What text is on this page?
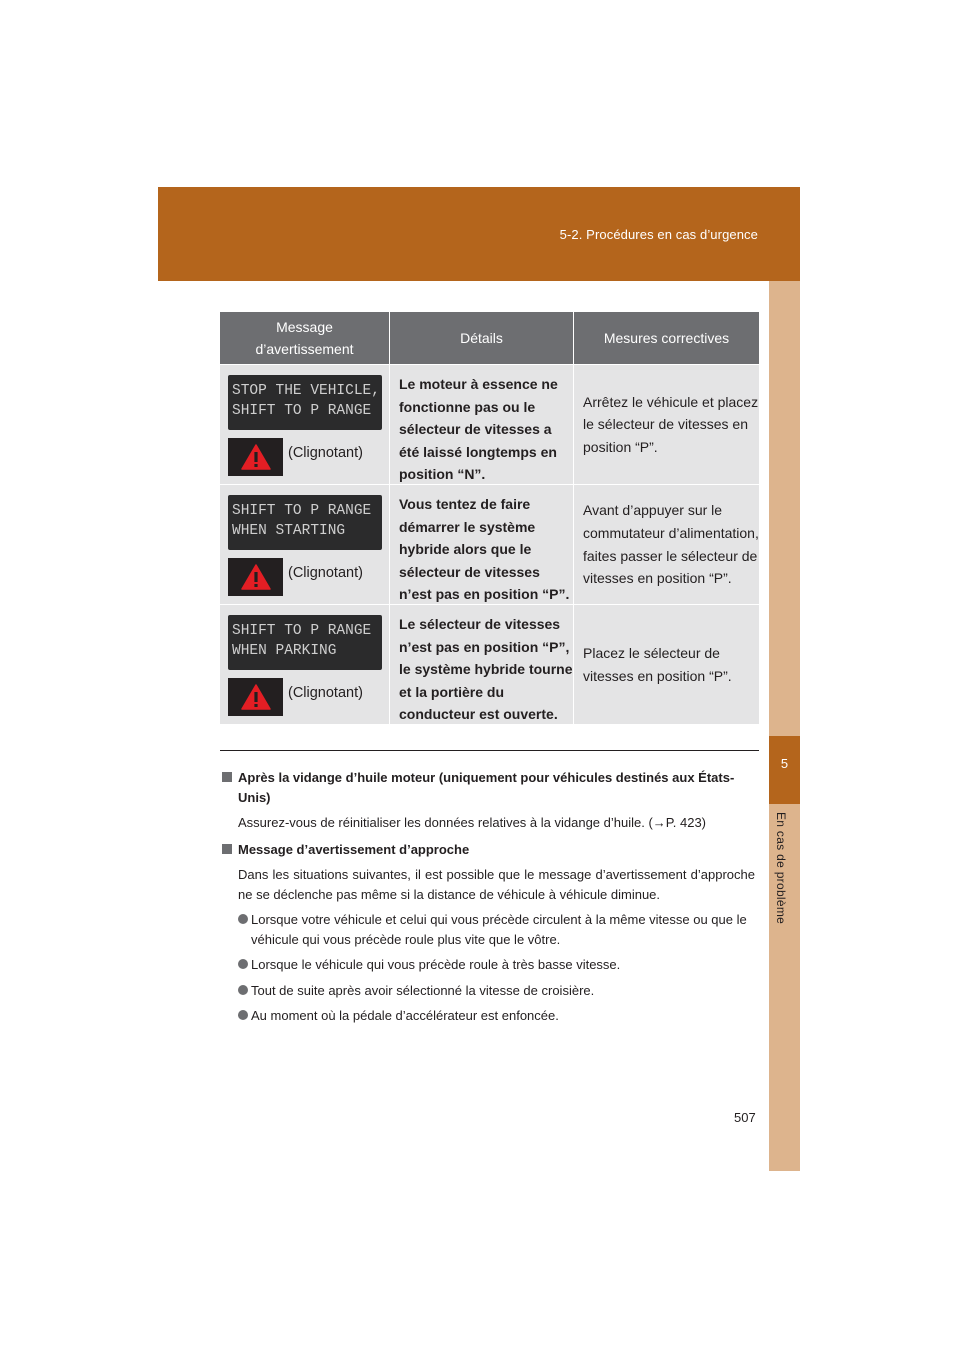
5-2. Procédures en cas d’urgence
5
En cas de problème
Message d’avertissement
Détails	Mesures correctives
STOP THE VEHICLE,
SHIFT TO P RANGE
(Clignotant)
Le moteur à essence ne fonctionne pas ou le sélecteur de vitesses a été laissé longtemps en position “N”.
Arrêtez le véhicule et placez le sélecteur de vitesses en position “P”.
SHIFT TO P RANGE
WHEN STARTING
(Clignotant)
Vous tentez de faire démarrer le système hybride alors que le sélecteur de vitesses n’est pas en position “P”.
Avant d’appuyer sur le commutateur d’alimentation, faites passer le sélecteur de vitesses en position “P”.
SHIFT TO P RANGE
WHEN PARKING
(Clignotant)
Le sélecteur de vitesses n’est pas en position “P”, le système hybride tourne et la portière du conducteur est ouverte.
Placez le sélecteur de vitesses en position “P”.
Après la vidange d’huile moteur (uniquement pour véhicules destinés aux États-Unis)
Assurez-vous de réinitialiser les données relatives à la vidange d’huile. (→P. 423)
Message d’avertissement d’approche
Dans les situations suivantes, il est possible que le message d’avertissement d’approche ne se déclenche pas même si la distance de véhicule à véhicule diminue.
Lorsque votre véhicule et celui qui vous précède circulent à la même vitesse ou que le véhicule qui vous précède roule plus vite que le vôtre.
Lorsque le véhicule qui vous précède roule à très basse vitesse.
Tout de suite après avoir sélectionné la vitesse de croisière.
Au moment où la pédale d’accélérateur est enfoncée.
507
